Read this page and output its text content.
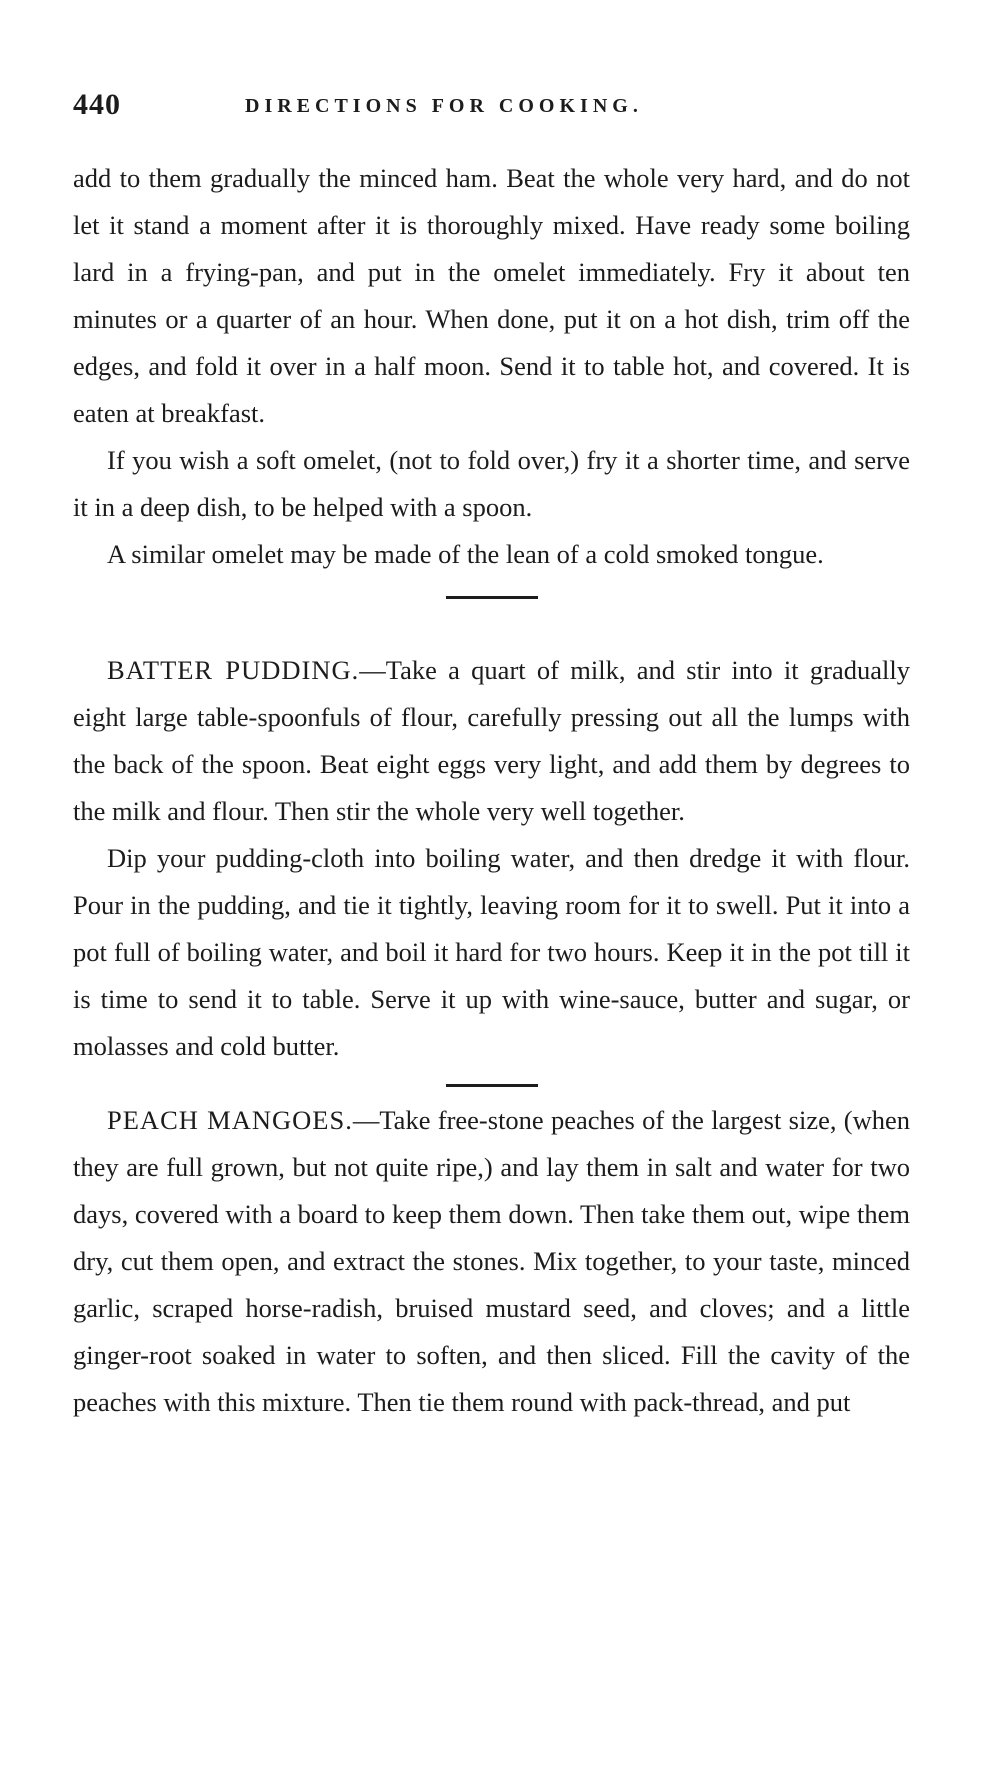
440	DIRECTIONS FOR COOKING.

add to them gradually the minced ham. Beat the whole very hard, and do not let it stand a moment after it is thoroughly mixed. Have ready some boiling lard in a frying-pan, and put in the omelet immediately. Fry it about ten minutes or a quarter of an hour. When done, put it on a hot dish, trim off the edges, and fold it over in a half moon. Send it to table hot, and covered. It is eaten at breakfast.

If you wish a soft omelet, (not to fold over,) fry it a shorter time, and serve it in a deep dish, to be helped with a spoon.

A similar omelet may be made of the lean of a cold smoked tongue.

BATTER PUDDING.—Take a quart of milk, and stir into it gradually eight large table-spoonfuls of flour, carefully pressing out all the lumps with the back of the spoon. Beat eight eggs very light, and add them by degrees to the milk and flour. Then stir the whole very well together.

Dip your pudding-cloth into boiling water, and then dredge it with flour. Pour in the pudding, and tie it tightly, leaving room for it to swell. Put it into a pot full of boiling water, and boil it hard for two hours. Keep it in the pot till it is time to send it to table. Serve it up with wine-sauce, butter and sugar, or molasses and cold butter.

PEACH MANGOES.—Take free-stone peaches of the largest size, (when they are full grown, but not quite ripe,) and lay them in salt and water for two days, covered with a board to keep them down. Then take them out, wipe them dry, cut them open, and extract the stones. Mix together, to your taste, minced garlic, scraped horse-radish, bruised mustard seed, and cloves; and a little ginger-root soaked in water to soften, and then sliced. Fill the cavity of the peaches with this mixture. Then tie them round with pack-thread, and put
